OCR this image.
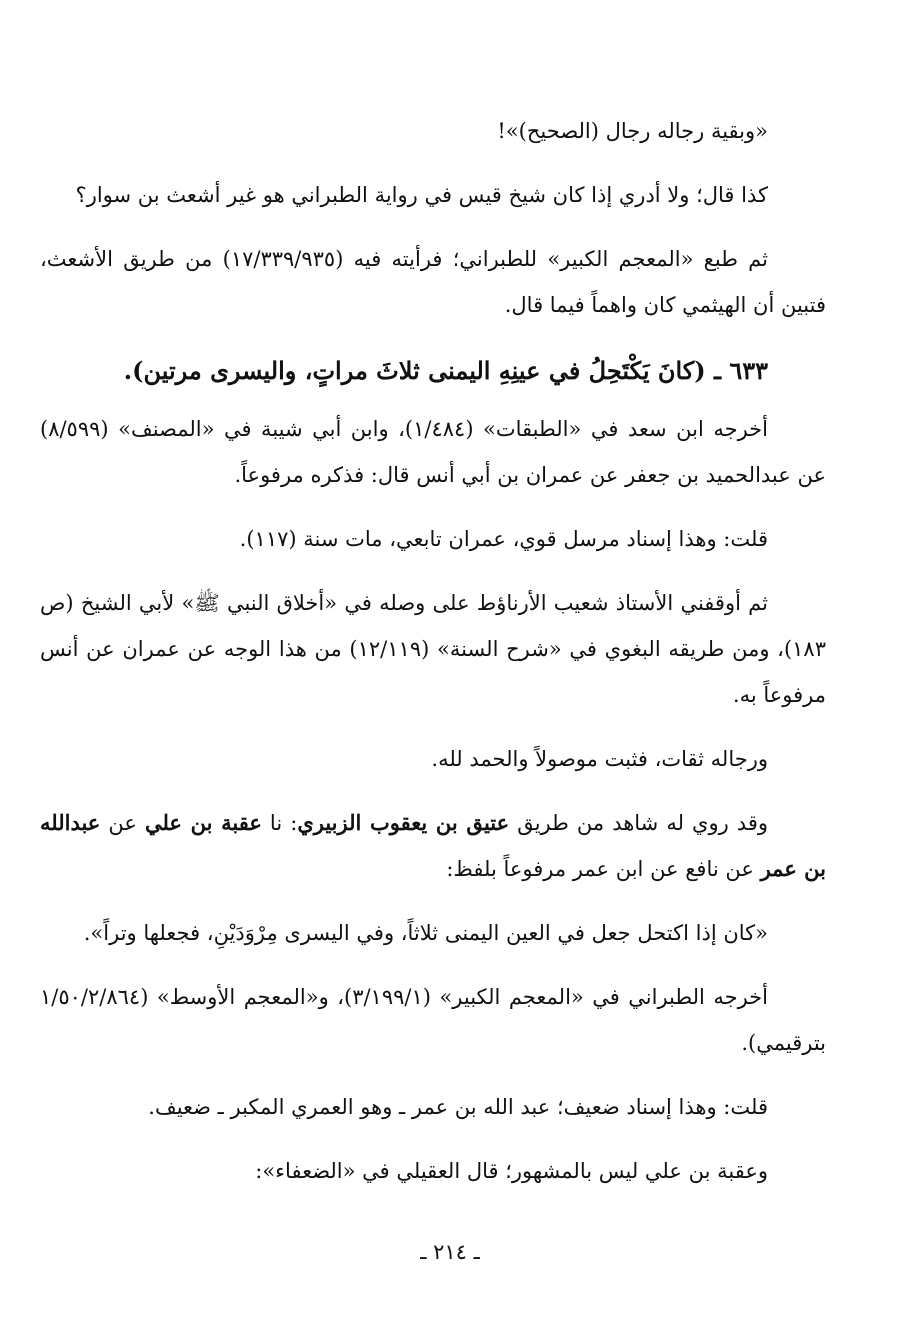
«وبقية رجاله رجال (الصحيح)»!

كذا قال؛ ولا أدري إذا كان شيخ قيس في رواية الطبراني هو غير أشعث بن سوار؟

ثم طبع «المعجم الكبير» للطبراني؛ فرأيته فيه (١٧/٣٣٩/٩٣٥) من طريق الأشعث، فتبين أن الهيثمي كان واهماً فيما قال.

٦٣٣ ـ (كانَ يَكْتَحِلُ في عينِهِ اليمنى ثلاثَ مراتٍ، واليسرى مرتين).

أخرجه ابن سعد في «الطبقات» (١/٤٨٤)، وابن أبي شيبة في «المصنف» (٨/٥٩٩) عن عبدالحميد بن جعفر عن عمران بن أبي أنس قال: فذكره مرفوعاً.

قلت: وهذا إسناد مرسل قوي، عمران تابعي، مات سنة (١١٧).

ثم أوقفني الأستاذ شعيب الأرناؤط على وصله في «أخلاق النبي ﷺ» لأبي الشيخ (ص ١٨٣)، ومن طريقه البغوي في «شرح السنة» (١٢/١١٩) من هذا الوجه عن عمران عن أنس مرفوعاً به.

ورجاله ثقات، فثبت موصولاً والحمد لله.

وقد روي له شاهد من طريق عتيق بن يعقوب الزبيري: نا عقبة بن علي عن عبدالله بن عمر عن نافع عن ابن عمر مرفوعاً بلفظ:

«كان إذا اكتحل جعل في العين اليمنى ثلاثاً، وفي اليسرى مِرْوَدَيْنِ، فجعلها وتراً».

أخرجه الطبراني في «المعجم الكبير» (٣/١٩٩/١)، و«المعجم الأوسط» (١/٥٠/٢/٨٦٤ بترقيمي).

قلت: وهذا إسناد ضعيف؛ عبد الله بن عمر ـ وهو العمري المكبر ـ ضعيف.

وعقبة بن علي ليس بالمشهور؛ قال العقيلي في «الضعفاء»:

ـ ٢١٤ ـ
